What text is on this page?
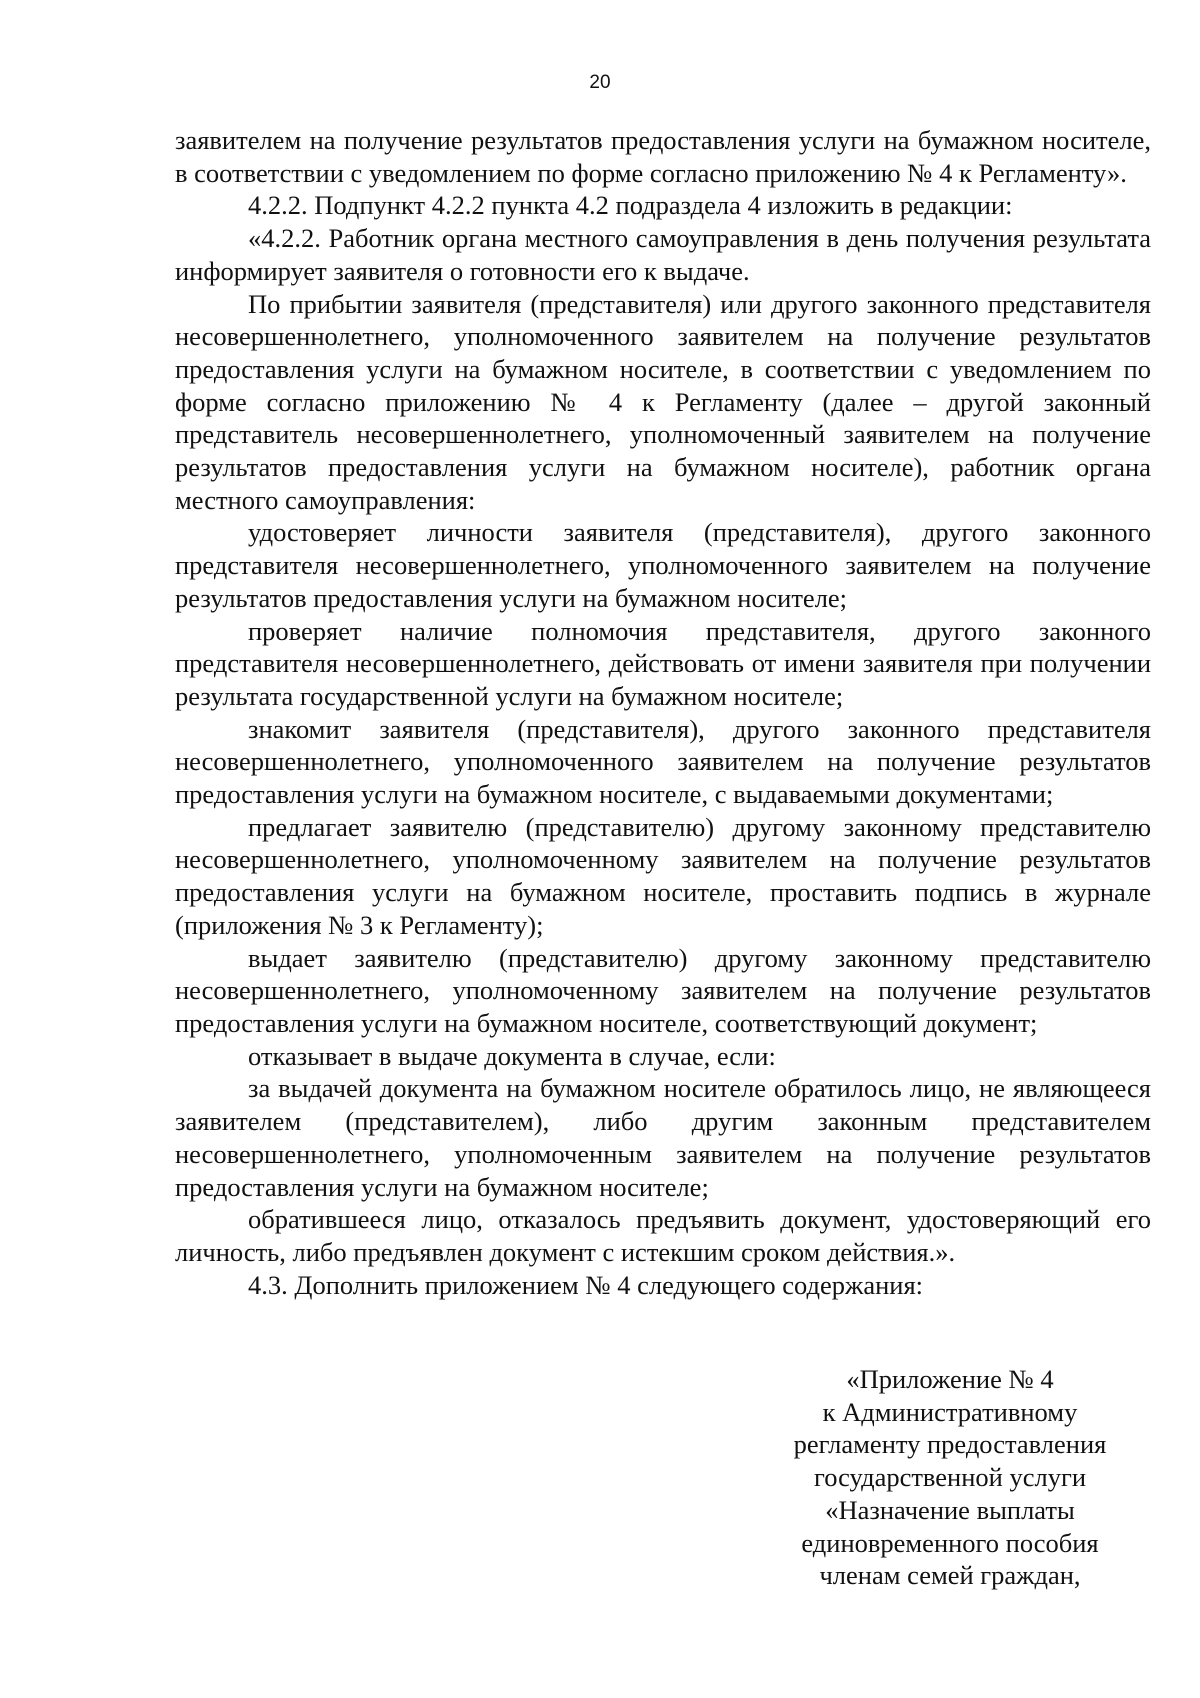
20

заявителем на получение результатов предоставления услуги на бумажном носителе, в соответствии с уведомлением по форме согласно приложению № 4 к Регламенту».

4.2.2. Подпункт 4.2.2 пункта 4.2 подраздела 4 изложить в редакции:

«4.2.2. Работник органа местного самоуправления в день получения результата информирует заявителя о готовности его к выдаче.

По прибытии заявителя (представителя) или другого законного представителя несовершеннолетнего, уполномоченного заявителем на получение результатов предоставления услуги на бумажном носителе, в соответствии с уведомлением по форме согласно приложению № 4 к Регламенту (далее – другой законный представитель несовершеннолетнего, уполномоченный заявителем на получение результатов предоставления услуги на бумажном носителе), работник органа местного самоуправления:

удостоверяет личности заявителя (представителя), другого законного представителя несовершеннолетнего, уполномоченного заявителем на получение результатов предоставления услуги на бумажном носителе;

проверяет наличие полномочия представителя, другого законного представителя несовершеннолетнего, действовать от имени заявителя при получении результата государственной услуги на бумажном носителе;

знакомит заявителя (представителя), другого законного представителя несовершеннолетнего, уполномоченного заявителем на получение результатов предоставления услуги на бумажном носителе, с выдаваемыми документами;

предлагает заявителю (представителю) другому законному представителю несовершеннолетнего, уполномоченному заявителем на получение результатов предоставления услуги на бумажном носителе, проставить подпись в журнале (приложения № 3 к Регламенту);

выдает заявителю (представителю) другому законному представителю несовершеннолетнего, уполномоченному заявителем на получение результатов предоставления услуги на бумажном носителе, соответствующий документ;

отказывает в выдаче документа в случае, если:

за выдачей документа на бумажном носителе обратилось лицо, не являющееся заявителем (представителем), либо другим законным представителем несовершеннолетнего, уполномоченным заявителем на получение результатов предоставления услуги на бумажном носителе;

обратившееся лицо, отказалось предъявить документ, удостоверяющий его личность, либо предъявлен документ с истекшим сроком действия.».

4.3. Дополнить приложением № 4 следующего содержания:

«Приложение № 4
к Административному
регламенту предоставления
государственной услуги
«Назначение выплаты
единовременного пособия
членам семей граждан,
